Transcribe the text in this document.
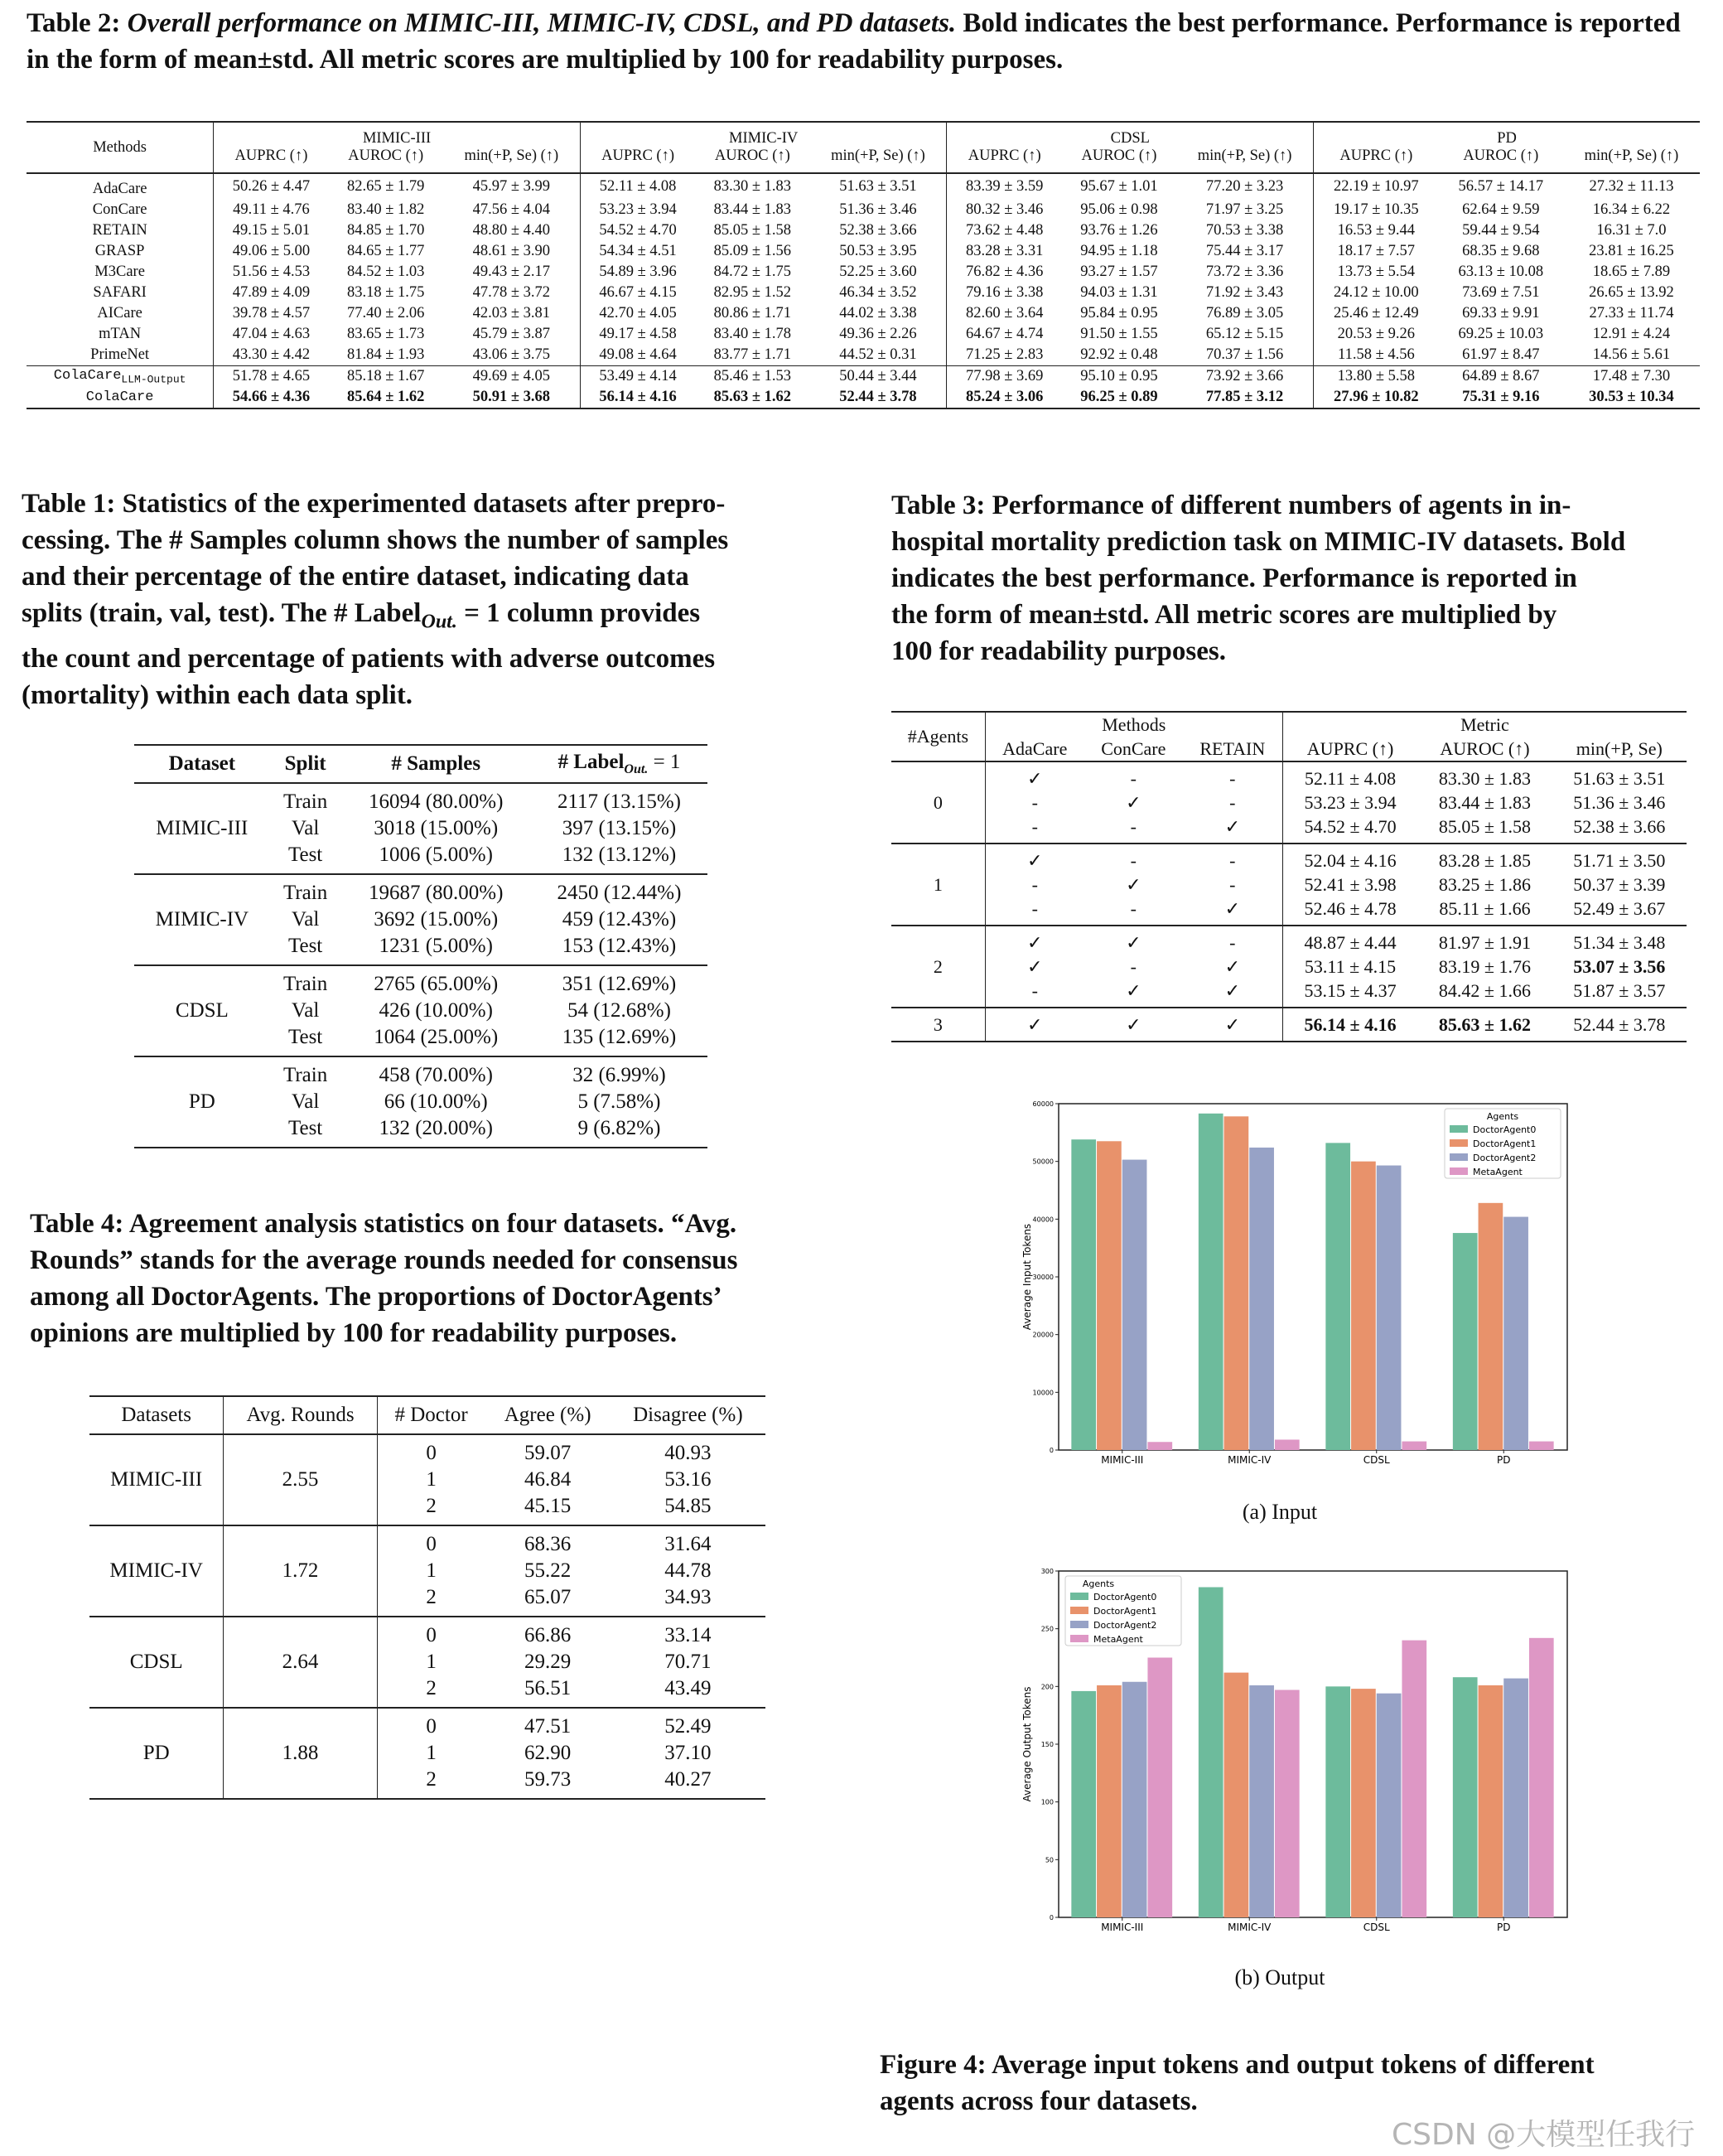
Table 2: Overall performance on MIMIC-III, MIMIC-IV, CDSL, and PD datasets. Bold indicates the best performance. Performance is reported in the form of mean±std. All metric scores are multiplied by 100 for readability purposes.
Methods	MIMIC-III			MIMIC-IV			CDSL			PD		
	AUPRC (↑)	AUROC (↑)	min(+P, Se) (↑)	AUPRC (↑)	AUROC (↑)	min(+P, Se) (↑)	AUPRC (↑)	AUROC (↑)	min(+P, Se) (↑)	AUPRC (↑)	AUROC (↑)	min(+P, Se) (↑)
AdaCare	50.26 ± 4.47	82.65 ± 1.79	45.97 ± 3.99	52.11 ± 4.08	83.30 ± 1.83	51.63 ± 3.51	83.39 ± 3.59	95.67 ± 1.01	77.20 ± 3.23	22.19 ± 10.97	56.57 ± 14.17	27.32 ± 11.13
ConCare	49.11 ± 4.76	83.40 ± 1.82	47.56 ± 4.04	53.23 ± 3.94	83.44 ± 1.83	51.36 ± 3.46	80.32 ± 3.46	95.06 ± 0.98	71.97 ± 3.25	19.17 ± 10.35	62.64 ± 9.59	16.34 ± 6.22
RETAIN	49.15 ± 5.01	84.85 ± 1.70	48.80 ± 4.40	54.52 ± 4.70	85.05 ± 1.58	52.38 ± 3.66	73.62 ± 4.48	93.76 ± 1.26	70.53 ± 3.38	16.53 ± 9.44	59.44 ± 9.54	16.31 ± 7.0
GRASP	49.06 ± 5.00	84.65 ± 1.77	48.61 ± 3.90	54.34 ± 4.51	85.09 ± 1.56	50.53 ± 3.95	83.28 ± 3.31	94.95 ± 1.18	75.44 ± 3.17	18.17 ± 7.57	68.35 ± 9.68	23.81 ± 16.25
M3Care	51.56 ± 4.53	84.52 ± 1.03	49.43 ± 2.17	54.89 ± 3.96	84.72 ± 1.75	52.25 ± 3.60	76.82 ± 4.36	93.27 ± 1.57	73.72 ± 3.36	13.73 ± 5.54	63.13 ± 10.08	18.65 ± 7.89
SAFARI	47.89 ± 4.09	83.18 ± 1.75	47.78 ± 3.72	46.67 ± 4.15	82.95 ± 1.52	46.34 ± 3.52	79.16 ± 3.38	94.03 ± 1.31	71.92 ± 3.43	24.12 ± 10.00	73.69 ± 7.51	26.65 ± 13.92
AICare	39.78 ± 4.57	77.40 ± 2.06	42.03 ± 3.81	42.70 ± 4.05	80.86 ± 1.71	44.02 ± 3.38	82.60 ± 3.64	95.84 ± 0.95	76.89 ± 3.05	25.46 ± 12.49	69.33 ± 9.91	27.33 ± 11.74
mTAN	47.04 ± 4.63	83.65 ± 1.73	45.79 ± 3.87	49.17 ± 4.58	83.40 ± 1.78	49.36 ± 2.26	64.67 ± 4.74	91.50 ± 1.55	65.12 ± 5.15	20.53 ± 9.26	69.25 ± 10.03	12.91 ± 4.24
PrimeNet	43.30 ± 4.42	81.84 ± 1.93	43.06 ± 3.75	49.08 ± 4.64	83.77 ± 1.71	44.52 ± 0.31	71.25 ± 2.83	92.92 ± 0.48	70.37 ± 1.56	11.58 ± 4.56	61.97 ± 8.47	14.56 ± 5.61
ColaCare$_{LLM-Output}$	51.78 ± 4.65	85.18 ± 1.67	49.69 ± 4.05	53.49 ± 4.14	85.46 ± 1.53	50.44 ± 3.44	77.98 ± 3.69	95.10 ± 0.95	73.92 ± 3.66	13.80 ± 5.58	64.89 ± 8.67	17.48 ± 7.30
ColaCare	54.66 ± 4.36	85.64 ± 1.62	50.91 ± 3.68	56.14 ± 4.16	85.63 ± 1.62	52.44 ± 3.78	85.24 ± 3.06	96.25 ± 0.89	77.85 ± 3.12	27.96 ± 10.82	75.31 ± 9.16	30.53 ± 10.34
Table 1: Statistics of the experimented datasets after prepro-
cessing. The # Samples column shows the number of samples
and their percentage of the entire dataset, indicating data
splits (train, val, test). The # Label$_{Out.}$ = 1 column provides
the count and percentage of patients with adverse outcomes
(mortality) within each data split.
Dataset	Split	# Samples	# Label$_{Out.}$ = 1
MIMIC-III	Train	16094 (80.00%)	2117 (13.15%)
	Val	3018 (15.00%)	397 (13.15%)
	Test	1006 (5.00%)	132 (13.12%)
MIMIC-IV	Train	19687 (80.00%)	2450 (12.44%)
	Val	3692 (15.00%)	459 (12.43%)
	Test	1231 (5.00%)	153 (12.43%)
CDSL	Train	2765 (65.00%)	351 (12.69%)
	Val	426 (10.00%)	54 (12.68%)
	Test	1064 (25.00%)	135 (12.69%)
PD	Train	458 (70.00%)	32 (6.99%)
	Val	66 (10.00%)	5 (7.58%)
	Test	132 (20.00%)	9 (6.82%)
Table 4: Agreement analysis statistics on four datasets. “Avg.
Rounds” stands for the average rounds needed for consensus
among all DoctorAgents. The proportions of DoctorAgents’
opinions are multiplied by 100 for readability purposes.

Datasets	Avg. Rounds	# Doctor	Agree (%)	Disagree (%)
MIMIC-III	2.55	0	59.07	40.93
		1	46.84	53.16
		2	45.15	54.85
MIMIC-IV	1.72	0	68.36	31.64
		1	55.22	44.78
		2	65.07	34.93
CDSL	2.64	0	66.86	33.14
		1	29.29	70.71
		2	56.51	43.49
PD	1.88	0	47.51	52.49
		1	62.90	37.10
		2	59.73	40.27
Table 3: Performance of different numbers of agents in in-
hospital mortality prediction task on MIMIC-IV datasets. Bold
indicates the best performance. Performance is reported in
the form of mean±std. All metric scores are multiplied by
100 for readability purposes.

#Agents	Methods			Metric		
	AdaCare	ConCare	RETAIN	AUPRC (↑)	AUROC (↑)	min(+P, Se)
0	✓	-	-	52.11 ± 4.08	83.30 ± 1.83	51.63 ± 3.51
	-	✓	-	53.23 ± 3.94	83.44 ± 1.83	51.36 ± 3.46
	-	-	✓	54.52 ± 4.70	85.05 ± 1.58	52.38 ± 3.66
1	✓	-	-	52.04 ± 4.16	83.28 ± 1.85	51.71 ± 3.50
	-	✓	-	52.41 ± 3.98	83.25 ± 1.86	50.37 ± 3.39
	-	-	✓	52.46 ± 4.78	85.11 ± 1.66	52.49 ± 3.67
2	✓	✓	-	48.87 ± 4.44	81.97 ± 1.91	51.34 ± 3.48
	✓	-	✓	53.11 ± 4.15	83.19 ± 1.76	53.07 ± 3.56
	-	✓	✓	53.15 ± 4.37	84.42 ± 1.66	51.87 ± 3.57
3	✓	✓	✓	56.14 ± 4.16	85.63 ± 1.62	52.44 ± 3.78
0
10000
20000
30000
40000
50000
60000
Average Input Tokens
MIMIC-III	MIMIC-IV	CDSL	PD
Agents
DoctorAgent0
DoctorAgent1
DoctorAgent2
MetaAgent
(a) Input
0
50
100
150
200
250
300
Average Output Tokens
MIMIC-III	MIMIC-IV	CDSL	PD
Agents
DoctorAgent0
DoctorAgent1
DoctorAgent2
MetaAgent
(b) Output
Figure 4: Average input tokens and output tokens of different
agents across four datasets.

CSDN @大模型任我行
